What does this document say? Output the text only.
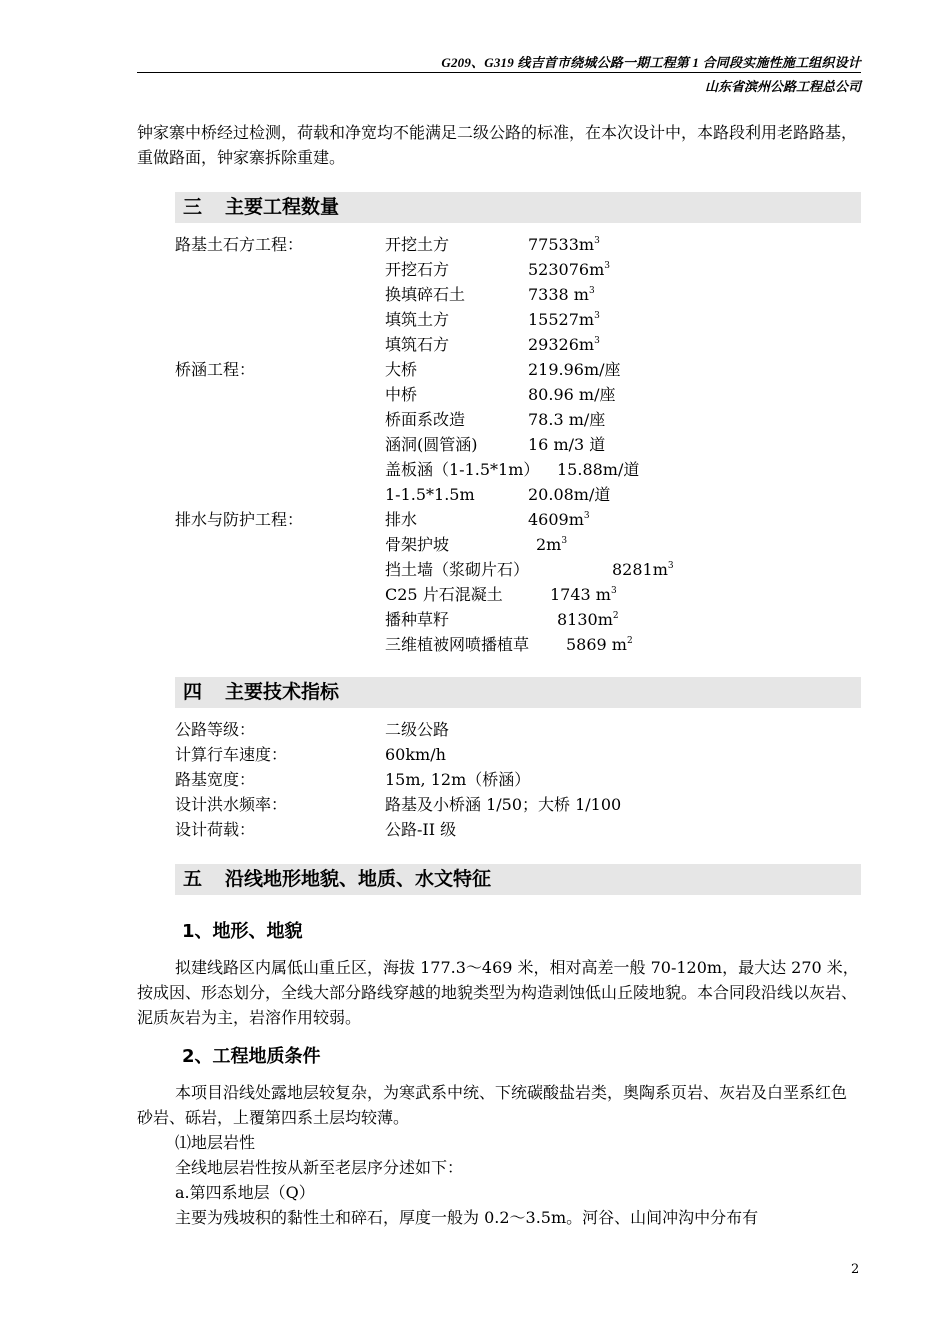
G209、G319 线吉首市绕城公路一期工程第 1 合同段实施性施工组织设计
山东省滨州公路工程总公司
钟家寨中桥经过检测，荷载和净宽均不能满足二级公路的标准，在本次设计中，本路段利用老路路基，重做路面，钟家寨拆除重建。
三 主要工程数量
路基土石方工程：	开挖土方	$77533m^3$
开挖石方	$523076m^3$
换填碎石土	7338 $m^3$
填筑土方	$15527m^3$
填筑石方	$29326m^3$
桥涵工程：	大桥	219.96m/座
中桥	80.96 m/座
桥面系改造	78.3 m/座
涵洞(圆管涵)	16 m/3 道
盖板涵（1-1.5*1m） 15.88m/道
1-1.5*1.5m	20.08m/道
排水与防护工程：	排水	$4609m^3$
骨架护坡	$2m^3$
挡土墙（浆砌片石）	$8281m^3$
C25 片石混凝土	1743 $m^3$
播种草籽	$8130m^2$
三维植被网喷播植草 5869 $m^2$
四 主要技术指标
公路等级：	二级公路
计算行车速度：	60km/h
路基宽度：	15m, 12m（桥涵）
设计洪水频率：	路基及小桥涵 1/50；大桥 1/100
设计荷载：	公路-II 级
五 沿线地形地貌、地质、水文特征
1、地形、地貌
拟建线路区内属低山重丘区，海拔 177.3～469 米，相对高差一般 70-120m，最大达 270 米，按成因、形态划分，全线大部分路线穿越的地貌类型为构造剥蚀低山丘陵地貌。本合同段沿线以灰岩、泥质灰岩为主，岩溶作用较弱。
2、工程地质条件
本项目沿线处露地层较复杂，为寒武系中统、下统碳酸盐岩类，奥陶系页岩、灰岩及白垩系红色砂岩、砾岩，上覆第四系土层均较薄。
⑴地层岩性
全线地层岩性按从新至老层序分述如下：
a.第四系地层（Q）
主要为残坡积的黏性土和碎石，厚度一般为 0.2～3.5m。河谷、山间冲沟中分布有
2
